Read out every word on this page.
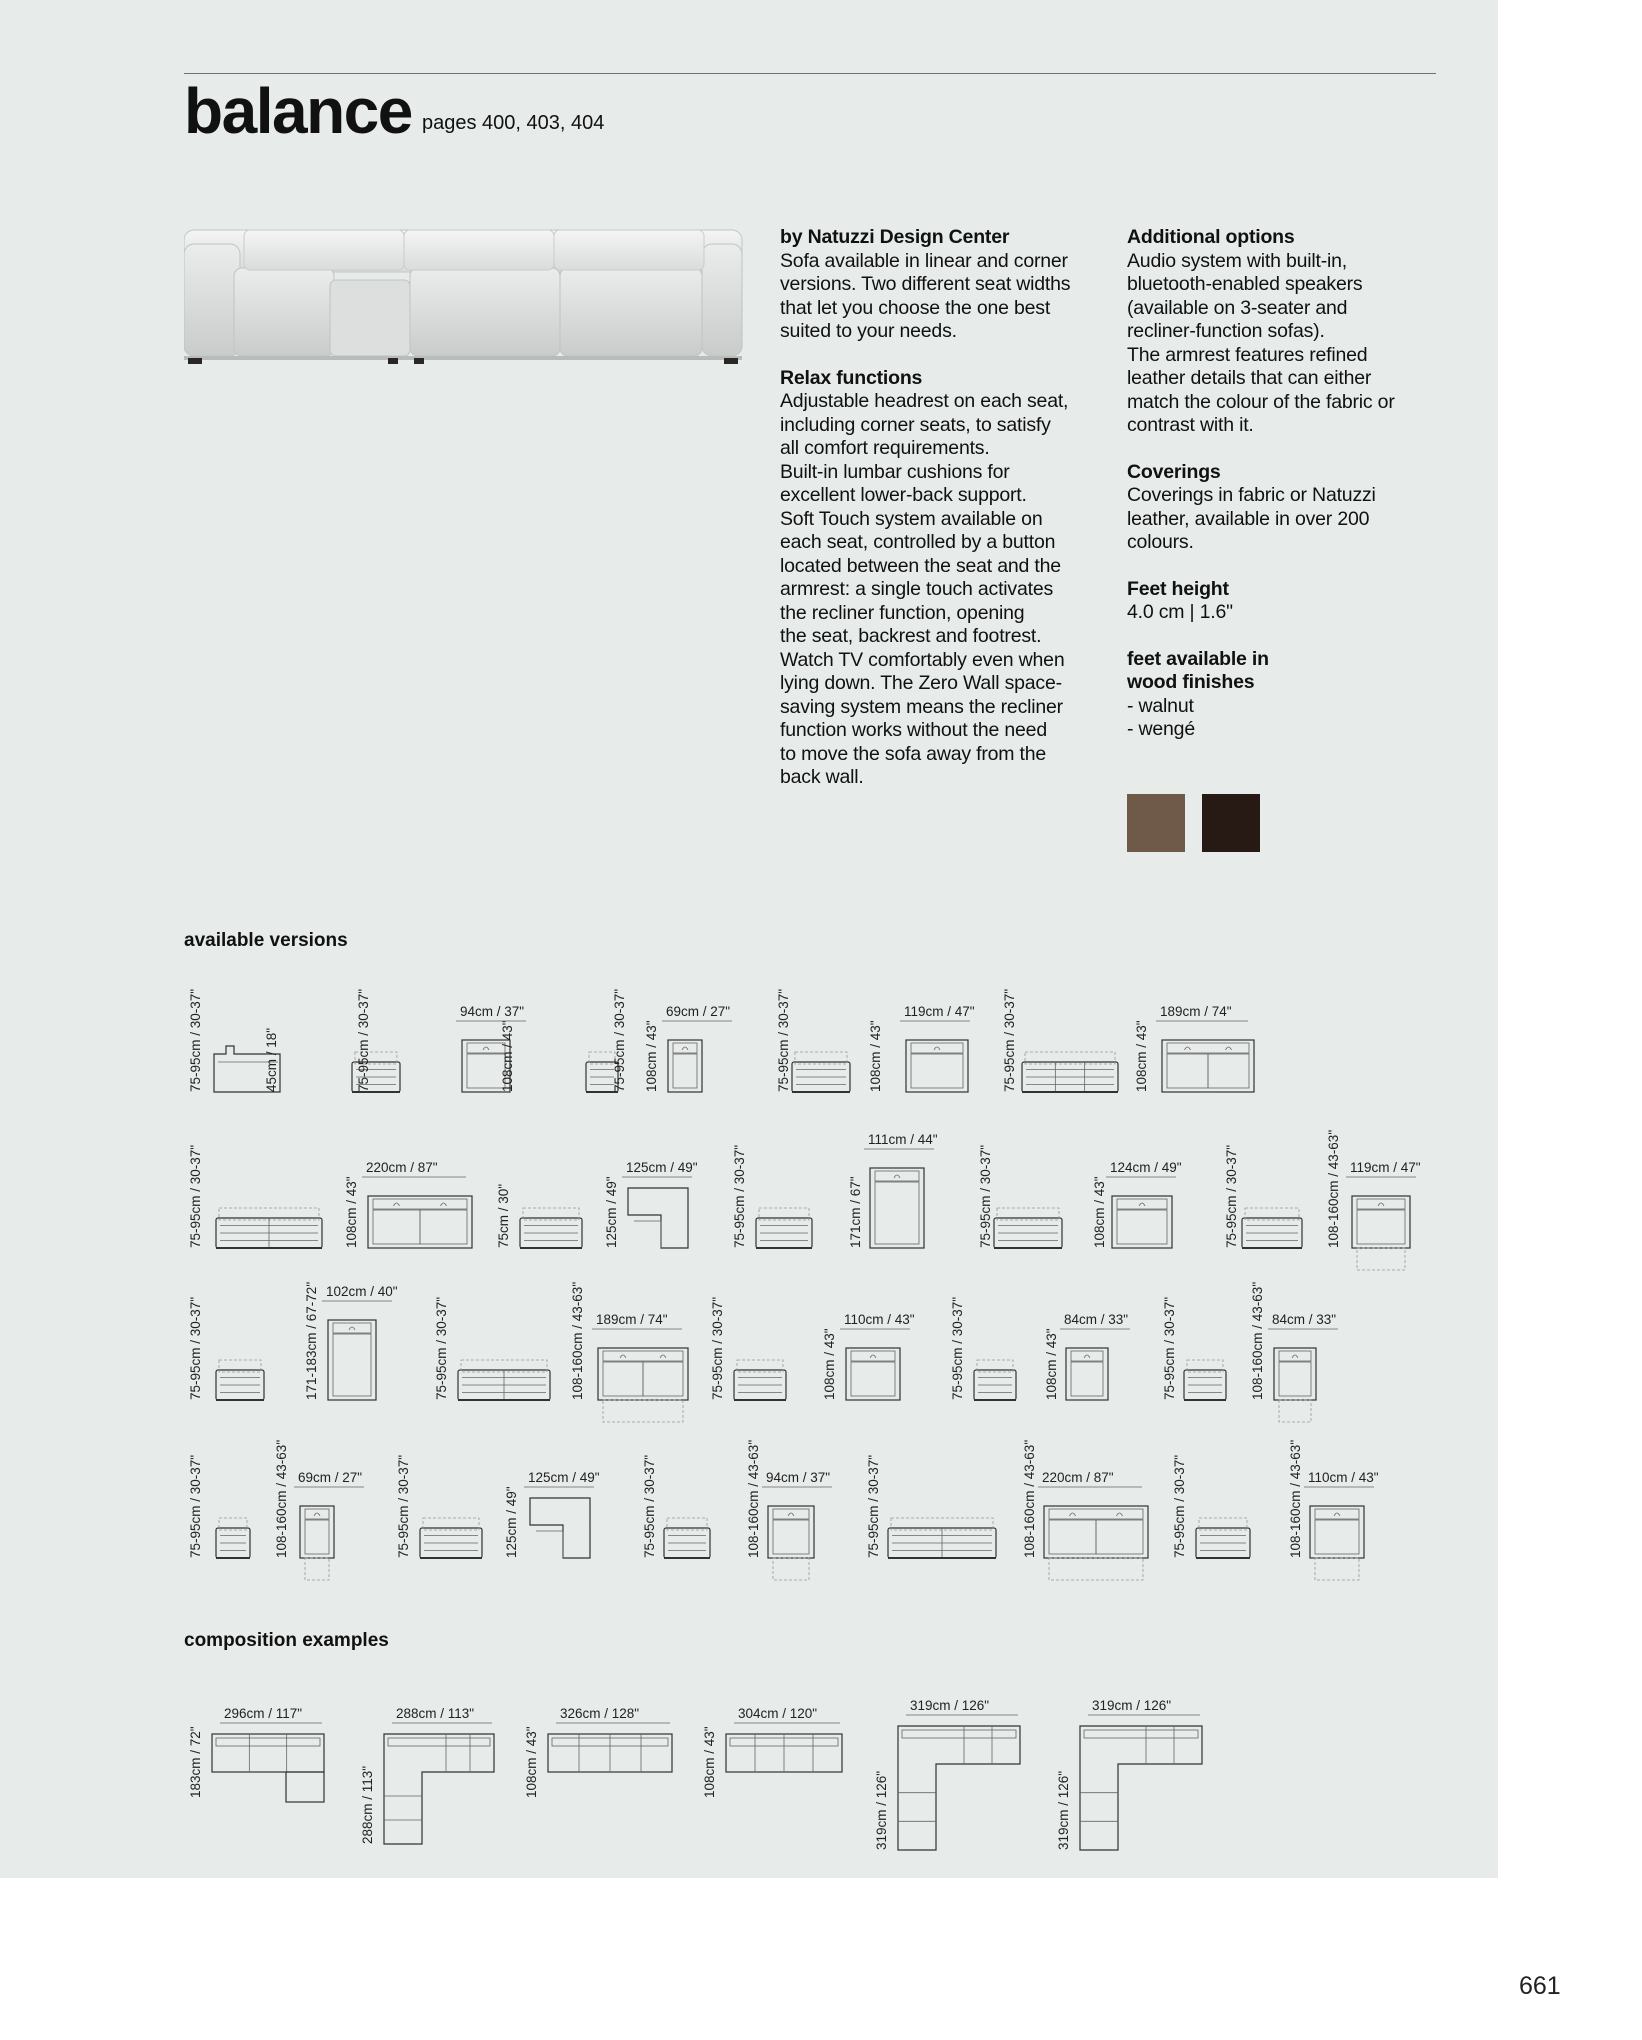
balance pages 400, 403, 404
by Natuzzi Design Center
Sofa available in linear and corner
versions. Two different seat widths
that let you choose the one best
suited to your needs.
Relax functions
Adjustable headrest on each seat,
including corner seats, to satisfy
all comfort requirements.
Built-in lumbar cushions for
excellent lower-back support.
Soft Touch system available on
each seat, controlled by a button
located between the seat and the
armrest: a single touch activates
the recliner function, opening
the seat, backrest and footrest.
Watch TV comfortably even when
lying down. The Zero Wall space-
saving system means the recliner
function works without the need
to move the sofa away from the
back wall.
Additional options
Audio system with built-in,
bluetooth-enabled speakers
(available on 3-seater and
recliner-function sofas).
The armrest features refined
leather details that can either
match the colour of the fabric or
contrast with it.
Coverings
Coverings in fabric or Natuzzi
leather, available in over 200
colours.
Feet height
4.0 cm | 1.6"
feet available in
wood finishes
- walnut
- wengé
available versions
composition examples
75-95cm / 30-37"	45cm / 18"	75-95cm / 30-37"	108cm / 43"
94cm / 37"	75-95cm / 30-37" 108cm / 43"
69cm / 27"	75-95cm / 30-37"	108cm / 43"
119cm / 47" 75-95cm / 30-37"	108cm / 43"
189cm / 74"
75-95cm / 30-37"	108cm / 43"
220cm / 87"
75cm / 30"	125cm / 49"
125cm / 49"	75-95cm / 30-37"	171cm / 67"
111cm / 44"
75-95cm / 30-37"	108cm / 43"
124cm / 49"	75-95cm / 30-37"	108-160cm / 43-63" 119cm / 47"
75-95cm / 30-37"	171-183cm / 67-72" 102cm / 40"
75-95cm / 30-37"	108-160cm / 43-63" 189cm / 74"	75-95cm / 30-37"	108cm / 43"
110cm / 43"	75-95cm / 30-37"	108cm / 43"
84cm / 33"	75-95cm / 30-37"	108-160cm / 43-63" 84cm / 33"
75-95cm / 30-37"	108-160cm / 43-63" 69cm / 27"	75-95cm / 30-37"	125cm / 49"
125cm / 49"	75-95cm / 30-37"	108-160cm / 43-63" 94cm / 37"	75-95cm / 30-37"	108-160cm / 43-63" 220cm / 87"	75-95cm / 30-37"	108-160cm / 43-63" 110cm / 43"
296cm / 117"
183cm / 72"
288cm / 113"
288cm / 113"
326cm / 128"
108cm / 43"
304cm / 120"
108cm / 43"
319cm / 126"
319cm / 126"
319cm / 126"
319cm / 126"
661
